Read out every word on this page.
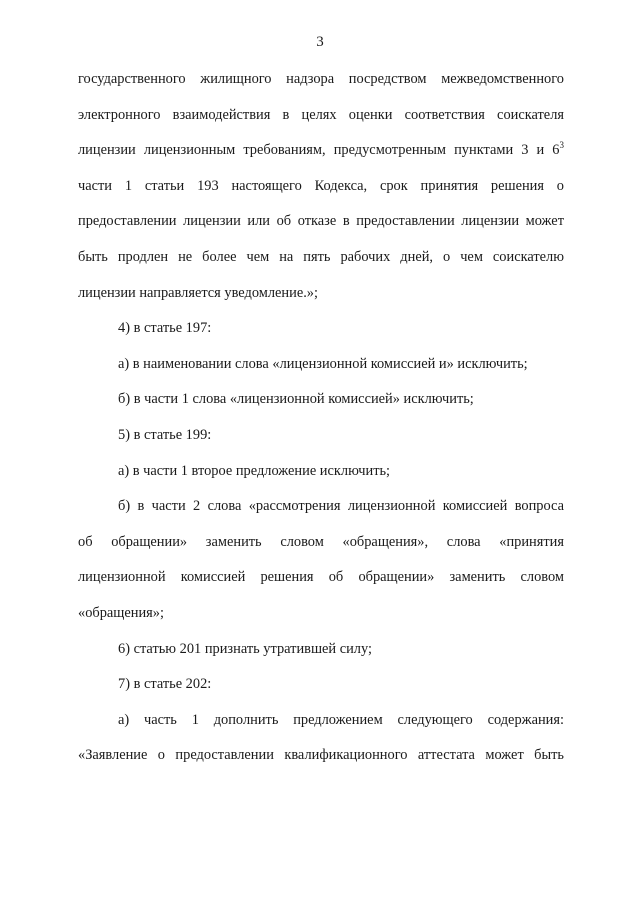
3
государственного жилищного надзора посредством межведомственного
электронного взаимодействия в целях оценки соответствия соискателя
лицензии лицензионным требованиям, предусмотренным пунктами 3 и $6^3$
части 1 статьи 193 настоящего Кодекса, срок принятия решения о
предоставлении лицензии или об отказе в предоставлении лицензии может
быть продлен не более чем на пять рабочих дней, о чем соискателю
лицензии направляется уведомление.»;
4) в статье 197:
а) в наименовании слова «лицензионной комиссией и» исключить;
б) в части 1 слова «лицензионной комиссией» исключить;
5) в статье 199:
а) в части 1 второе предложение исключить;
б) в части 2 слова «рассмотрения лицензионной комиссией вопроса
об обращении» заменить словом «обращения», слова «принятия
лицензионной комиссией решения об обращении» заменить словом
«обращения»;
6) статью 201 признать утратившей силу;
7) в статье 202:
а) часть 1 дополнить предложением следующего содержания:
«Заявление о предоставлении квалификационного аттестата может быть
